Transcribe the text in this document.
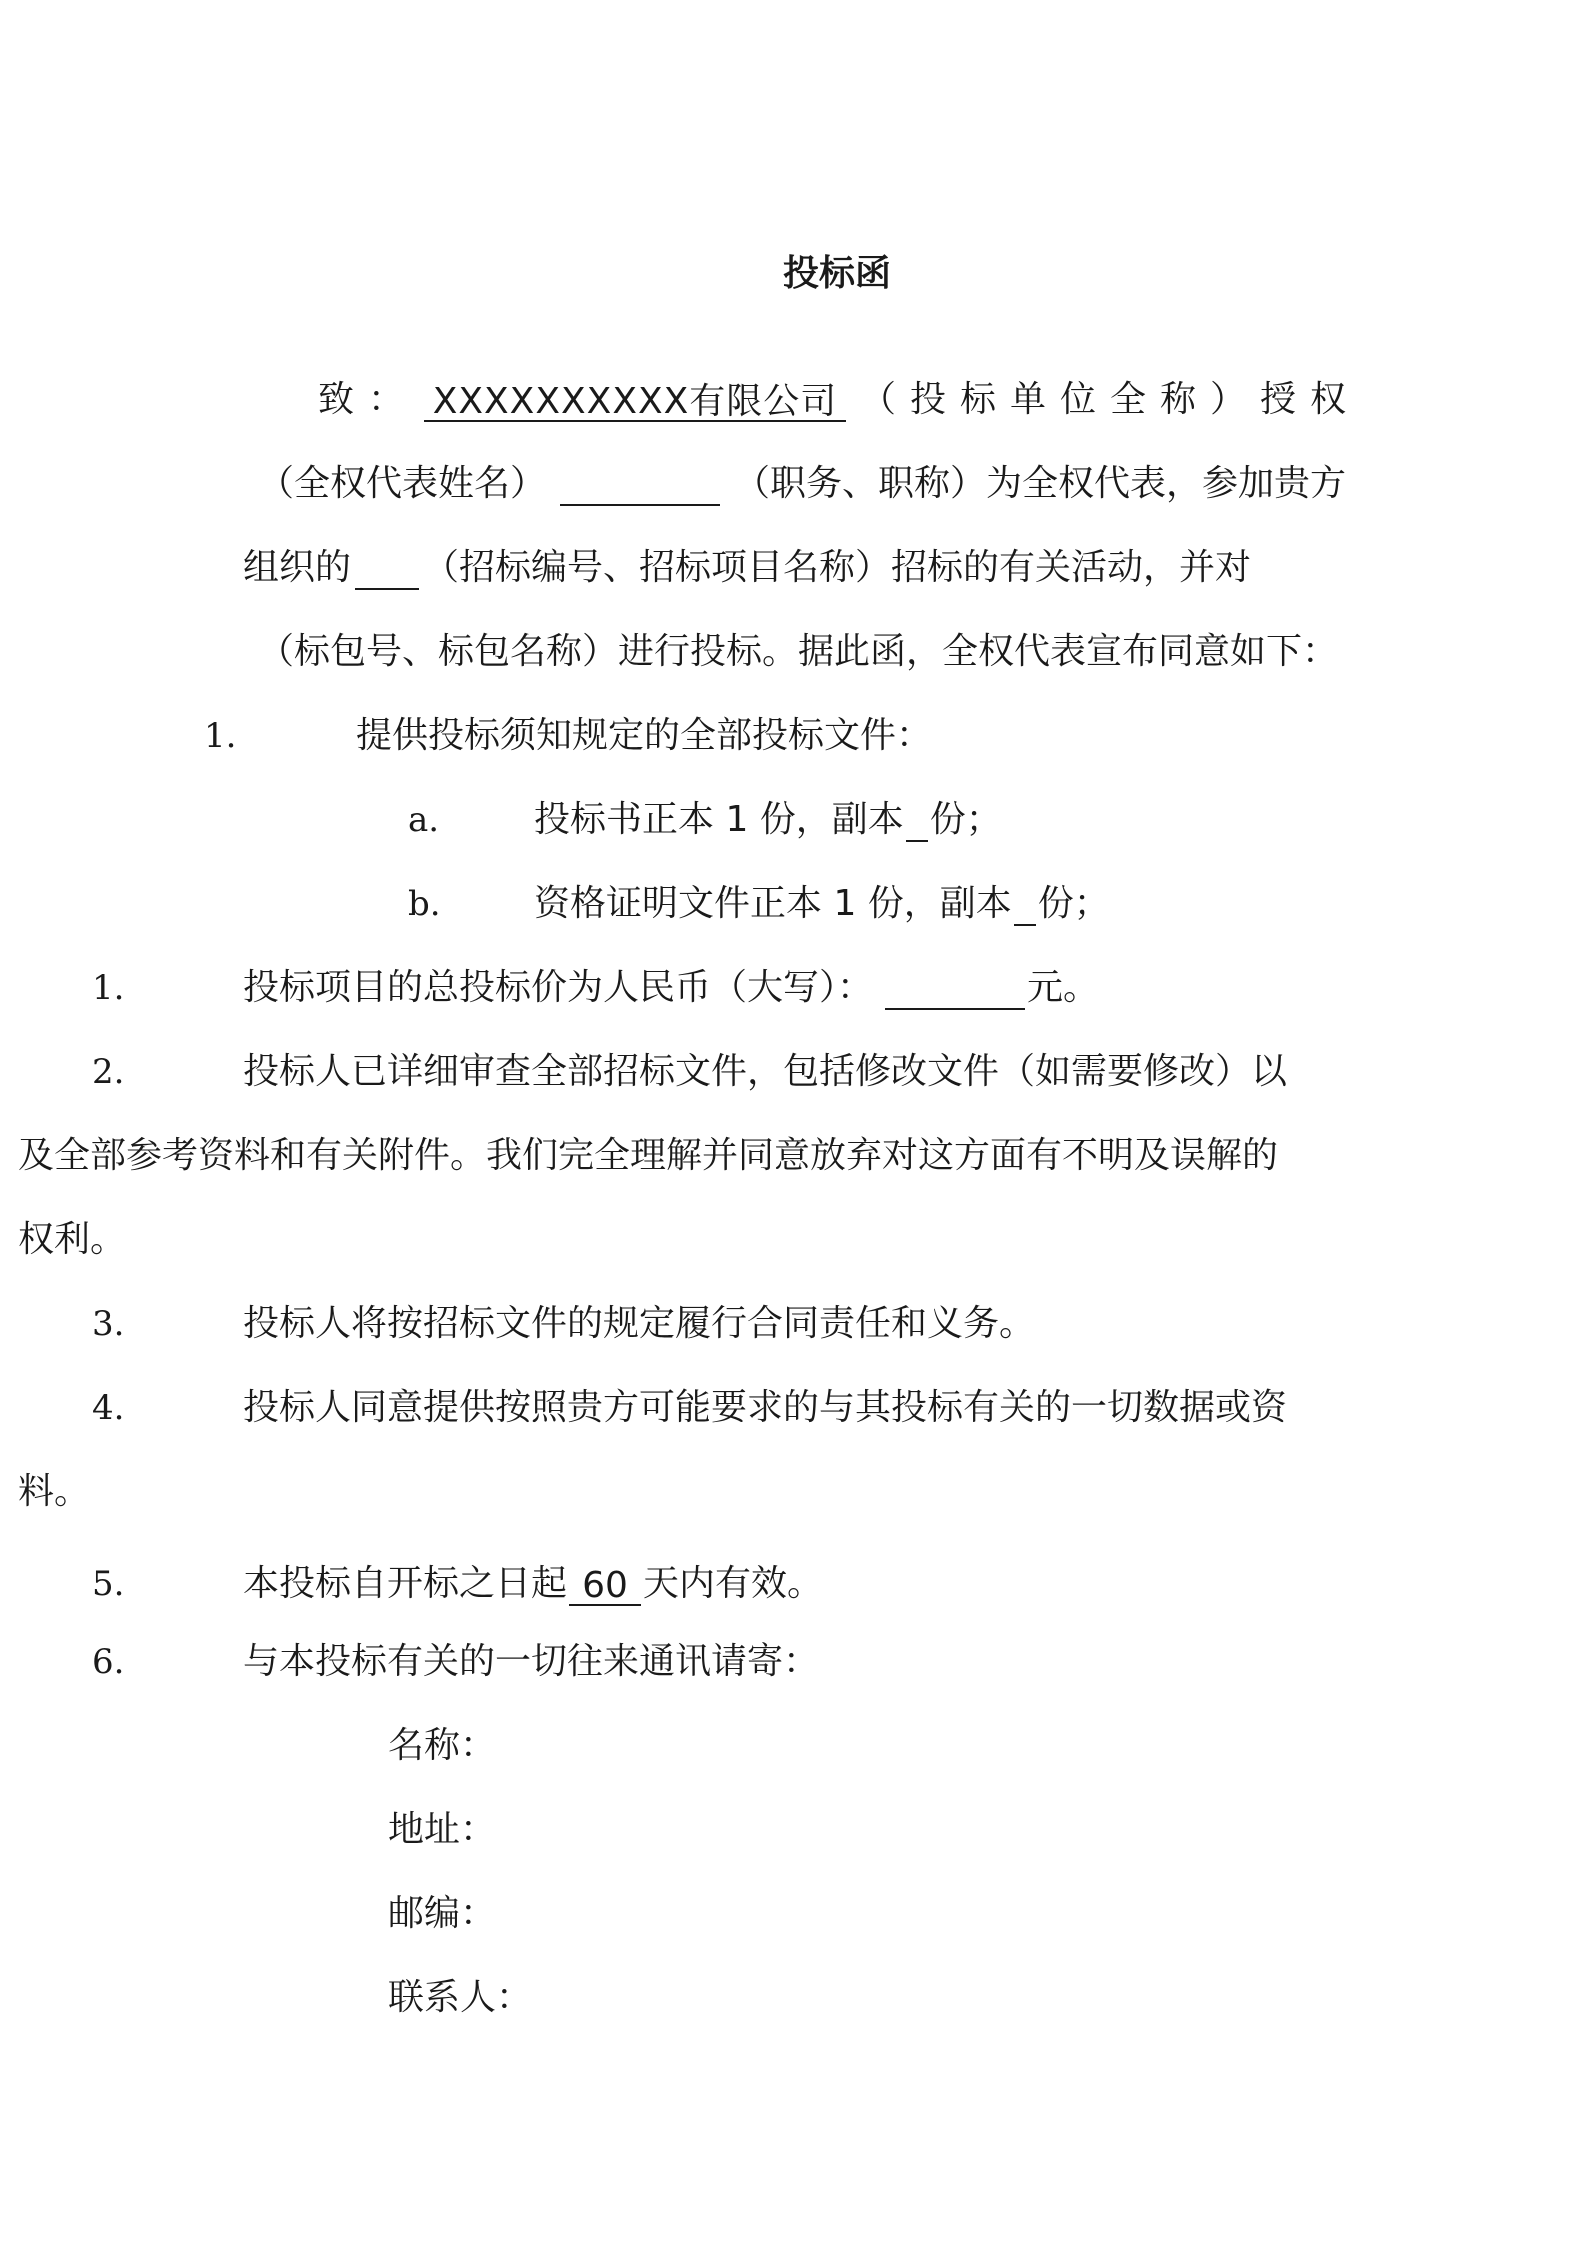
投标函
致： XXXXXXXXXX有限公司 （投标单位全称）授权
（全权代表姓名）	（职务、职称）为全权代表，参加贵方
组织的 （招标编号、招标项目名称）招标的有关活动，并对
（标包号、标包名称）进行投标。据此函，全权代表宣布同意如下：
1.	提供投标须知规定的全部投标文件：
a.	投标书正本 1 份，副本 份；
b.	资格证明文件正本 1 份，副本 份；
1.	投标项目的总投标价为人民币（大写）：	元。
2.	投标人已详细审查全部招标文件，包括修改文件（如需要修改）以
及全部参考资料和有关附件。我们完全理解并同意放弃对这方面有不明及误解的
权利。
3.	投标人将按招标文件的规定履行合同责任和义务。
4.	投标人同意提供按照贵方可能要求的与其投标有关的一切数据或资
料。
5.	本投标自开标之日起 60 天内有效。
6.	与本投标有关的一切往来通讯请寄：
名称：
地址：
邮编：
联系人：
